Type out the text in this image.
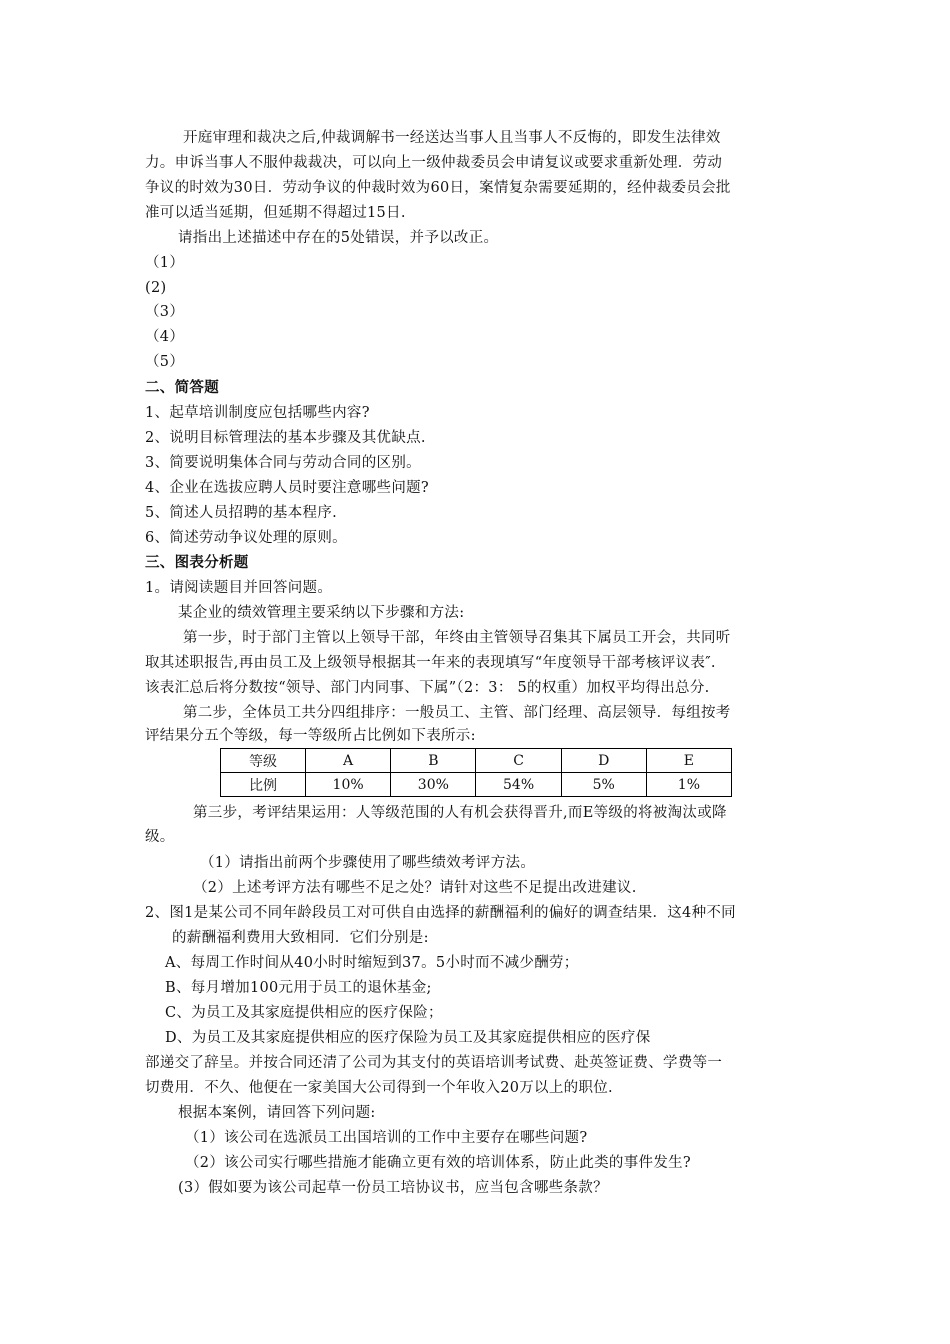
开庭审理和裁决之后,仲裁调解书一经送达当事人且当事人不反悔的，即发生法律效
力。申诉当事人不服仲裁裁决，可以向上一级仲裁委员会申请复议或要求重新处理．劳动
争议的时效为30日．劳动争议的仲裁时效为60日，案情复杂需要延期的，经仲裁委员会批
准可以适当延期，但延期不得超过15日.
请指出上述描述中存在的5处错误，并予以改正。
（1）
(2)
（3）
（4）
（5）
二、简答题
1、起草培训制度应包括哪些内容?
2、说明目标管理法的基本步骤及其优缺点.
3、简要说明集体合同与劳动合同的区别。
4、企业在选拔应聘人员时要注意哪些问题?
5、简述人员招聘的基本程序.
6、简述劳动争议处理的原则。
三、图表分析题
1。请阅读题目并回答问题。
某企业的绩效管理主要采纳以下步骤和方法:
第一步，时于部门主管以上领导干部，年终由主管领导召集其下属员工开会，共同听
取其述职报告,再由员工及上级领导根据其一年来的表现填写“年度领导干部考核评议表″.
该表汇总后将分数按“领导、部门内同事、下属”（2：3： 5的权重）加权平均得出总分.
第二步，全体员工共分四组排序：一般员工、主管、部门经理、高层领导．每组按考
评结果分五个等级，每一等级所占比例如下表所示:
等级	A	B	C	D	E
比例	10%	30%	54%	5%	1%
第三步，考评结果运用：人等级范围的人有机会获得晋升,而E等级的将被淘汰或降
级。
（1）请指出前两个步骤使用了哪些绩效考评方法。
（2）上述考评方法有哪些不足之处？请针对这些不足提出改进建议.
2、图1是某公司不同年龄段员工对可供自由选择的薪酬福利的偏好的调查结果．这4种不同
的薪酬福利费用大致相同．它们分别是:
A、每周工作时间从40小时时缩短到37。5小时而不减少酬劳；
B、每月增加100元用于员工的退休基金;
C、为员工及其家庭提供相应的医疗保险；
D、为员工及其家庭提供相应的医疗保险为员工及其家庭提供相应的医疗保
部递交了辞呈。并按合同还清了公司为其支付的英语培训考试费、赴英签证费、学费等一
切费用．不久、他便在一家美国大公司得到一个年收入20万以上的职位.
根据本案例，请回答下列问题:
（1）该公司在选派员工出国培训的工作中主要存在哪些问题?
（2）该公司实行哪些措施才能确立更有效的培训体系，防止此类的事件发生?
(3）假如要为该公司起草一份员工培协议书，应当包含哪些条款？
